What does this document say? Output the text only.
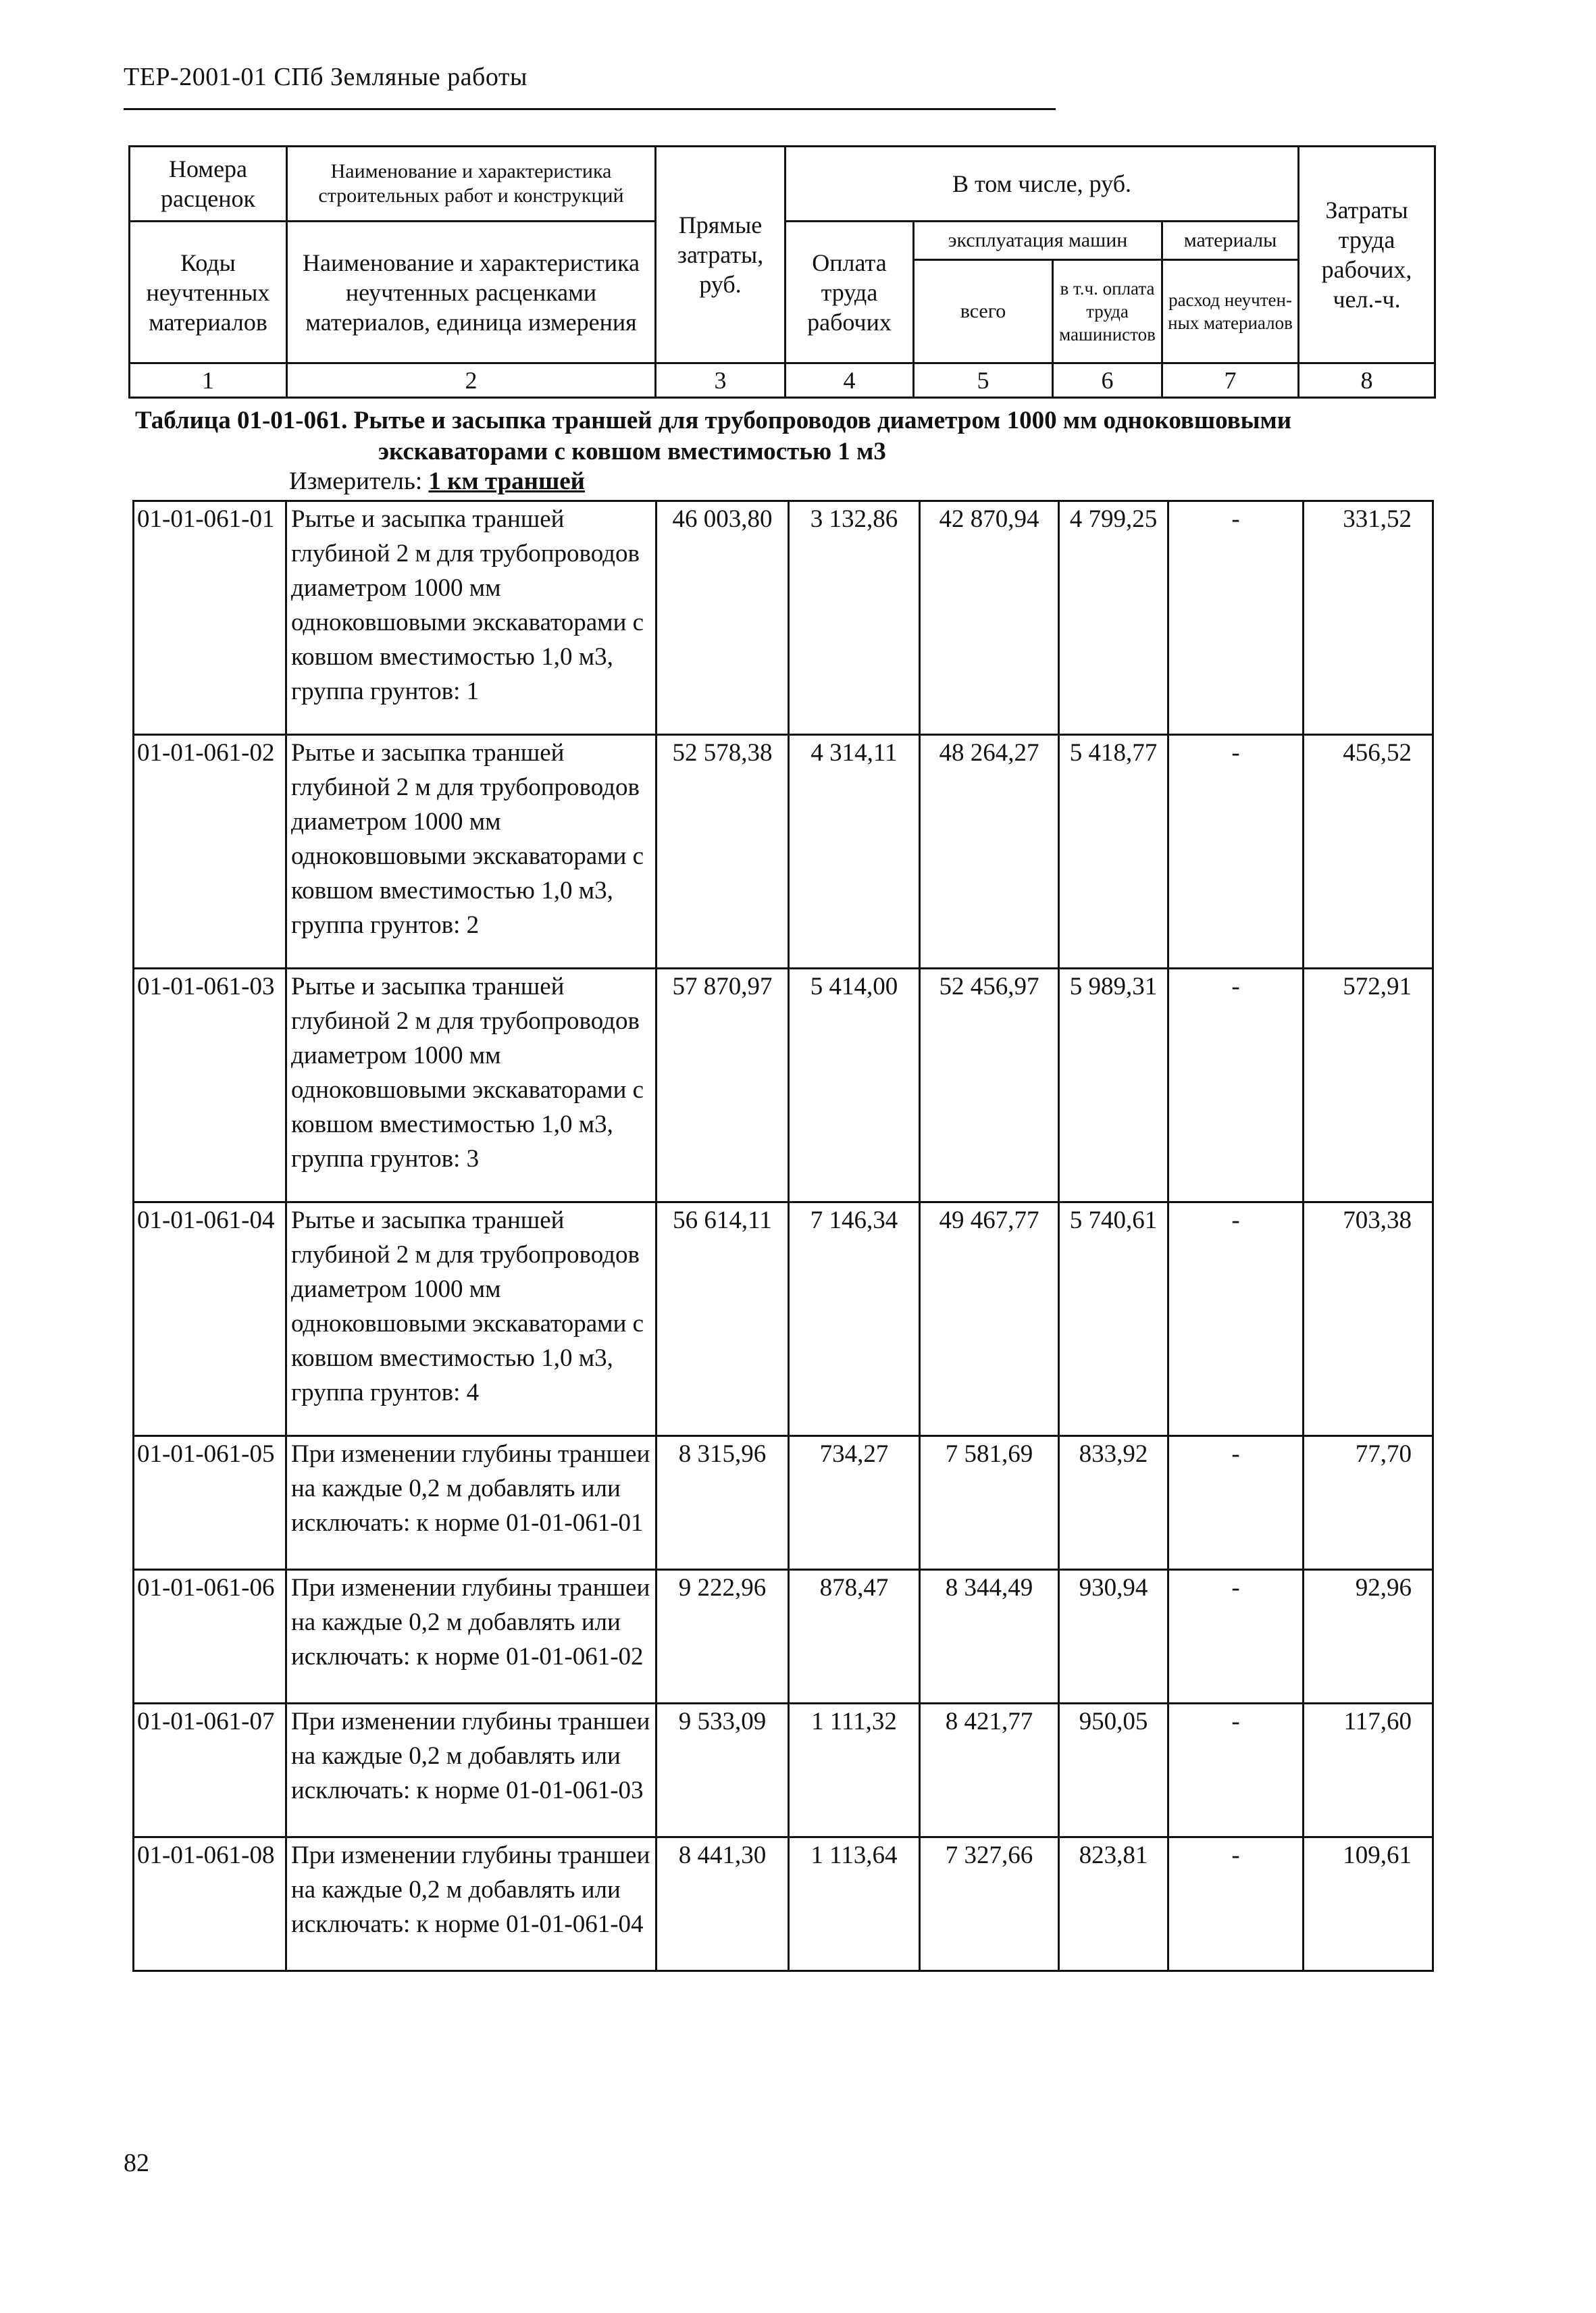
ТЕР-2001-01 СПб Земляные работы
Номера расценок	Наименование и характеристика строительных работ и конструкций	Прямые затраты, руб.	В том числе, руб.				Затраты труда рабочих, чел.-ч.
Коды неучтенных материалов	Наименование и характеристика неучтенных расценками материалов, единица измерения		Оплата труда рабочих	эксплуатация машин		материалы	
				всего	в т.ч. оплата труда машинистов	расход неучтен-ных материалов	
1	2	3	4	5	6	7	8
Таблица 01-01-061. Рытье и засыпка траншей для трубопроводов диаметром 1000 мм одноковшовыми
экскаваторами с ковшом вместимостью 1 м3
Измеритель: 1 км траншей
01-01-061-01	Рытье и засыпка траншей глубиной 2 м для трубопроводов диаметром 1000 мм одноковшовыми экскаваторами с ковшом вместимостью 1,0 м3, группа грунтов: 1	46 003,80	3 132,86	42 870,94	4 799,25	-	331,52
01-01-061-02	Рытье и засыпка траншей глубиной 2 м для трубопроводов диаметром 1000 мм одноковшовыми экскаваторами с ковшом вместимостью 1,0 м3, группа грунтов: 2	52 578,38	4 314,11	48 264,27	5 418,77	-	456,52
01-01-061-03	Рытье и засыпка траншей глубиной 2 м для трубопроводов диаметром 1000 мм одноковшовыми экскаваторами с ковшом вместимостью 1,0 м3, группа грунтов: 3	57 870,97	5 414,00	52 456,97	5 989,31	-	572,91
01-01-061-04	Рытье и засыпка траншей глубиной 2 м для трубопроводов диаметром 1000 мм одноковшовыми экскаваторами с ковшом вместимостью 1,0 м3, группа грунтов: 4	56 614,11	7 146,34	49 467,77	5 740,61	-	703,38
01-01-061-05	При изменении глубины траншеи на каждые 0,2 м добавлять или исключать: к норме 01-01-061-01	8 315,96	734,27	7 581,69	833,92	-	77,70
01-01-061-06	При изменении глубины траншеи на каждые 0,2 м добавлять или исключать: к норме 01-01-061-02	9 222,96	878,47	8 344,49	930,94	-	92,96
01-01-061-07	При изменении глубины траншеи на каждые 0,2 м добавлять или исключать: к норме 01-01-061-03	9 533,09	1 111,32	8 421,77	950,05	-	117,60
01-01-061-08	При изменении глубины траншеи на каждые 0,2 м добавлять или исключать: к норме 01-01-061-04	8 441,30	1 113,64	7 327,66	823,81	-	109,61
82
